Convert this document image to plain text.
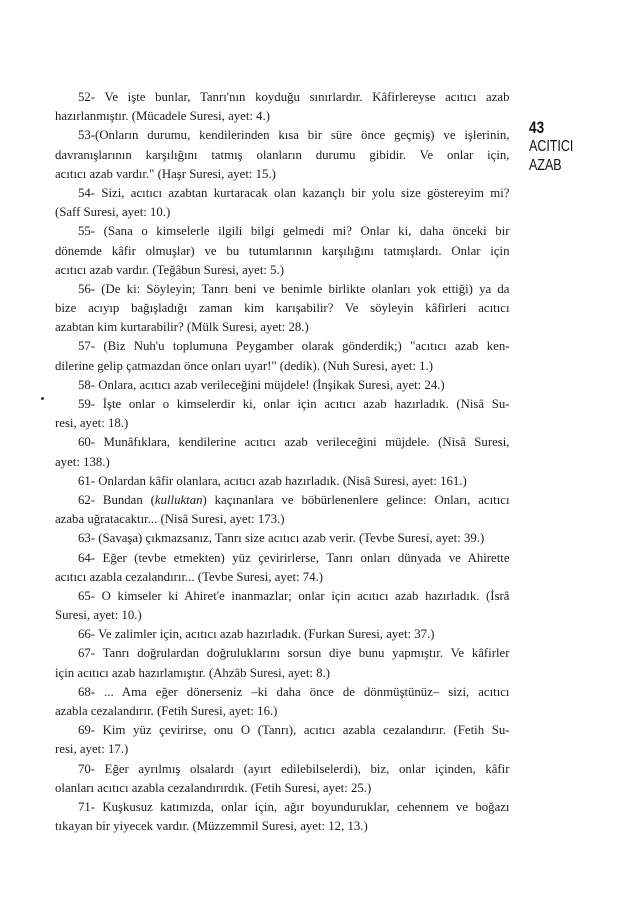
43
ACITICI
AZAB
52- Ve işte bunlar, Tanrı'nın koyduğu sınırlardır. Kâfirlereyse acıtıcı azab
hazırlanmıştır. (Mücadele Suresi, ayet: 4.)
53-(Onların durumu, kendilerinden kısa bir süre önce geçmiş) ve işlerinin,
davranışlarının karşılığını tatmış olanların durumu gibidir. Ve onlar için,
acıtıcı azab vardır." (Haşr Suresi, ayet: 15.)
54- Sizi, acıtıcı azabtan kurtaracak olan kazançlı bir yolu size göstereyim mi?
(Saff Suresi, ayet: 10.)
55- (Sana o kimselerle ilgili bilgi gelmedi mi? Onlar ki, daha önceki bir
dönemde kâfir olmuşlar) ve bu tutumlarının karşılığını tatmışlardı. Onlar için
acıtıcı azab vardır. (Teğâbun Suresi, ayet: 5.)
56- (De ki: Söyleyin; Tanrı beni ve benimle birlikte olanları yok ettiği) ya da
bize acıyıp bağışladığı zaman kim karışabilir? Ve söyleyin kâfirleri acıtıcı
azabtan kim kurtarabilir? (Mülk Suresi, ayet: 28.)
57- (Biz Nuh'u toplumuna Peygamber olarak gönderdik;) "acıtıcı azab ken-
dilerine gelip çatmazdan önce onları uyar!" (dedik). (Nuh Suresi, ayet: 1.)
58- Onlara, acıtıcı azab verileceğini müjdele! (İnşikak Suresi, ayet: 24.)
59- İşte onlar o kimselerdir ki, onlar için acıtıcı azab hazırladık. (Nisâ Su-
resi, ayet: 18.)
60- Munâfıklara, kendilerine acıtıcı azab verileceğini müjdele. (Nisâ Suresi,
ayet: 138.)
61- Onlardan kâfir olanlara, acıtıcı azab hazırladık. (Nisâ Suresi, ayet: 161.)
62- Bundan (kulluktan) kaçınanlara ve böbürlenenlere gelince: Onları, acıtıcı
azaba uğratacaktır... (Nisâ Suresi, ayet: 173.)
63- (Savaşa) çıkmazsanız, Tanrı size acıtıcı azab verir. (Tevbe Suresi, ayet: 39.)
64- Eğer (tevbe etmekten) yüz çevirirlerse, Tanrı onları dünyada ve Ahirette
acıtıcı azabla cezalandırır... (Tevbe Suresi, ayet: 74.)
65- O kimseler ki Ahiret'e inanmazlar; onlar için acıtıcı azab hazırladık. (İsrâ
Suresi, ayet: 10.)
66- Ve zalimler için, acıtıcı azab hazırladık. (Furkan Suresi, ayet: 37.)
67- Tanrı doğrulardan doğruluklarını sorsun diye bunu yapmıştır. Ve kâfirler
için acıtıcı azab hazırlamıştır. (Ahzâb Suresi, ayet: 8.)
68- ... Ama eğer dönerseniz –ki daha önce de dönmüştünüz– sizi, acıtıcı
azabla cezalandırır. (Fetih Suresi, ayet: 16.)
69- Kim yüz çevirirse, onu O (Tanrı), acıtıcı azabla cezalandırır. (Fetih Su-
resi, ayet: 17.)
70- Eğer ayrılmış olsalardı (ayırt edilebilselerdi), biz, onlar içinden, kâfir
olanları acıtıcı azabla cezalandırırdık. (Fetih Suresi, ayet: 25.)
71- Kuşkusuz katımızda, onlar için, ağır boyunduruklar, cehennem ve boğazı
tıkayan bir yiyecek vardır. (Müzzemmil Suresi, ayet: 12, 13.)
